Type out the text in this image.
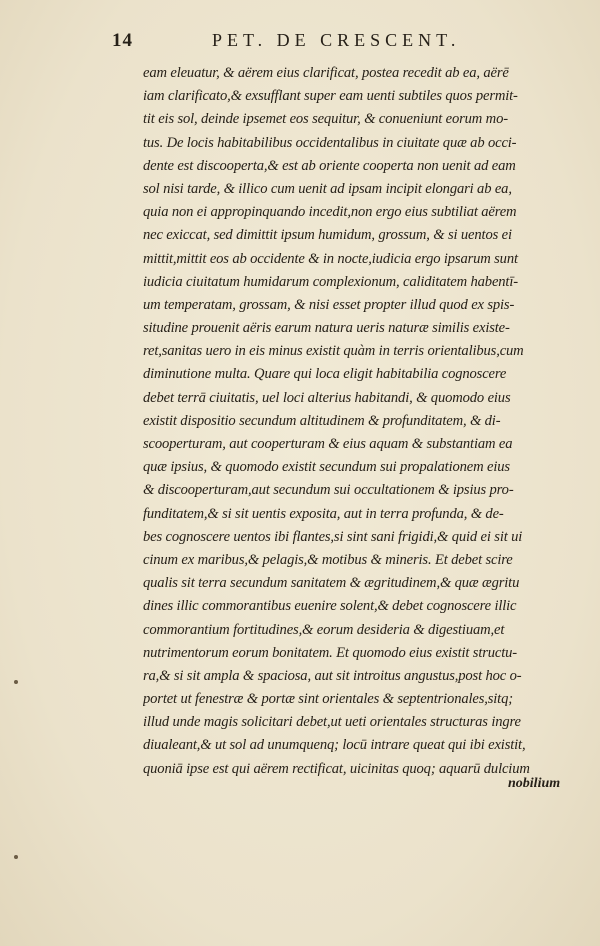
14	PET. DE CRESCENT.
eam eleuatur, & aërem eius clarificat, postea recedit ab ea, aërē
iam clarificato,& exsufflant super eam uenti subtiles quos permit-
tit eis sol, deinde ipsemet eos sequitur, & conueniunt eorum mo-
tus. De locis habitabilibus occidentalibus in ciuitate quæ ab occi-
dente est discooperta,& est ab oriente cooperta non uenit ad eam
sol nisi tarde, & illico cum uenit ad ipsam incipit elongari ab ea,
quia non ei appropinquando incedit,non ergo eius subtiliat aërem
nec exiccat, sed dimittit ipsum humidum, grossum, & si uentos ei
mittit,mittit eos ab occidente & in nocte,iudicia ergo ipsarum sunt
iudicia ciuitatum humidarum complexionum, caliditatem habentī-
um temperatam, grossam, & nisi esset propter illud quod ex spis-
situdine prouenit aëris earum natura ueris naturæ similis existe-
ret,sanitas uero in eis minus existit quàm in terris orientalibus,cum
diminutione multa. Quare qui loca eligit habitabilia cognoscere
debet terrā ciuitatis, uel loci alterius habitandi, & quomodo eius
existit dispositio secundum altitudinem & profunditatem, & di-
scooperturam, aut cooperturam & eius aquam & substantiam ea
quæ ipsius, & quomodo existit secundum sui propalationem eius
& discooperturam,aut secundum sui occultationem & ipsius pro-
funditatem,& si sit uentis exposita, aut in terra profunda, & de-
bes cognoscere uentos ibi flantes,si sint sani frigidi,& quid ei sit ui
cinum ex maribus,& pelagis,& motibus & mineris. Et debet scire
qualis sit terra secundum sanitatem & ægritudinem,& quæ ægritu
dines illic commorantibus euenire solent,& debet cognoscere illic
commorantium fortitudines,& eorum desideria & digestiuam,et
nutrimentorum eorum bonitatem. Et quomodo eius existit structu-
ra,& si sit ampla & spaciosa, aut sit introitus angustus,post hoc o-
portet ut fenestræ & portæ sint orientales & septentrionales,sitq;
illud unde magis solicitari debet,ut ueti orientales structuras ingre
diualeant,& ut sol ad unumquenq; locū intrare queat qui ibi existit,
quoniā ipse est qui aërem rectificat, uicinitas quoq; aquarū dulcium
nobilium
